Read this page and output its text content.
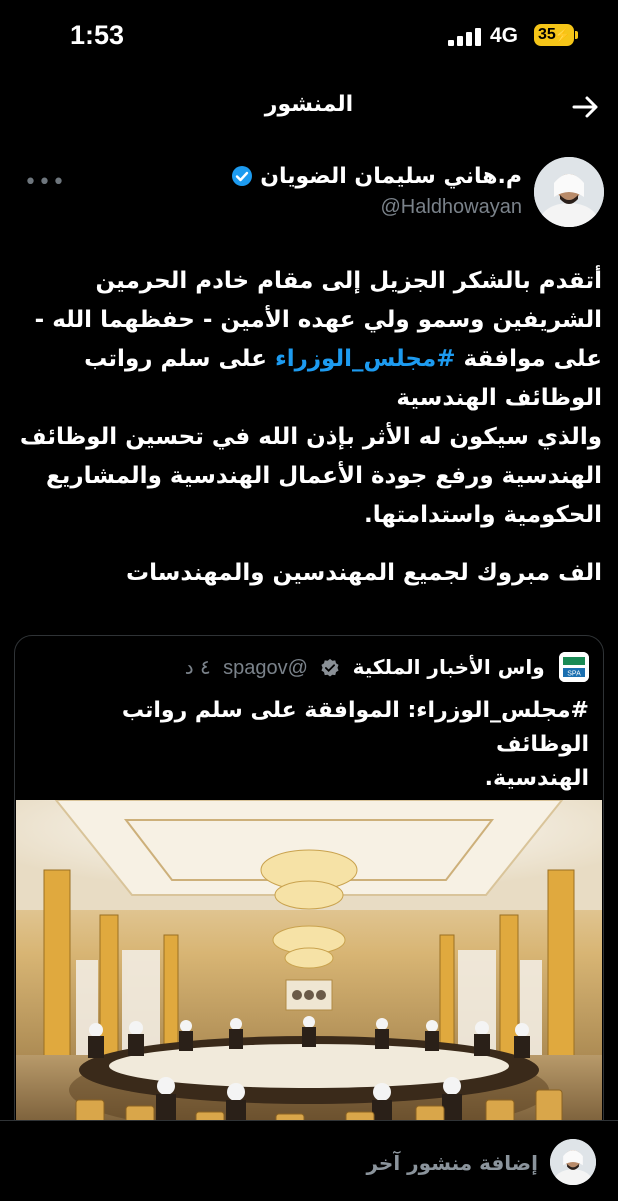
1:53	4G 35
⚡
المنشور
•••	م.هاني سليمان الضويان
@Haldhowayan

أتقدم بالشكر الجزيل إلى مقام خادم الحرمين

الشريفين وسمو ولي عهده الأمين - حفظهما الله -

على موافقة #مجلس_الوزراء على سلم رواتب

الوظائف الهندسية

والذي سيكون له الأثر بإذن الله في تحسين الوظائف

الهندسية ورفع جودة الأعمال الهندسية والمشاريع

الحكومية واستدامتها.

الف مبروك لجميع المهندسين والمهندسات
SPA
واس الأخبار الملكية  @spagov ٤ د
#مجلس_الوزراء: الموافقة على سلم رواتب الوظائف
الهندسية.
إضافة منشور آخر
